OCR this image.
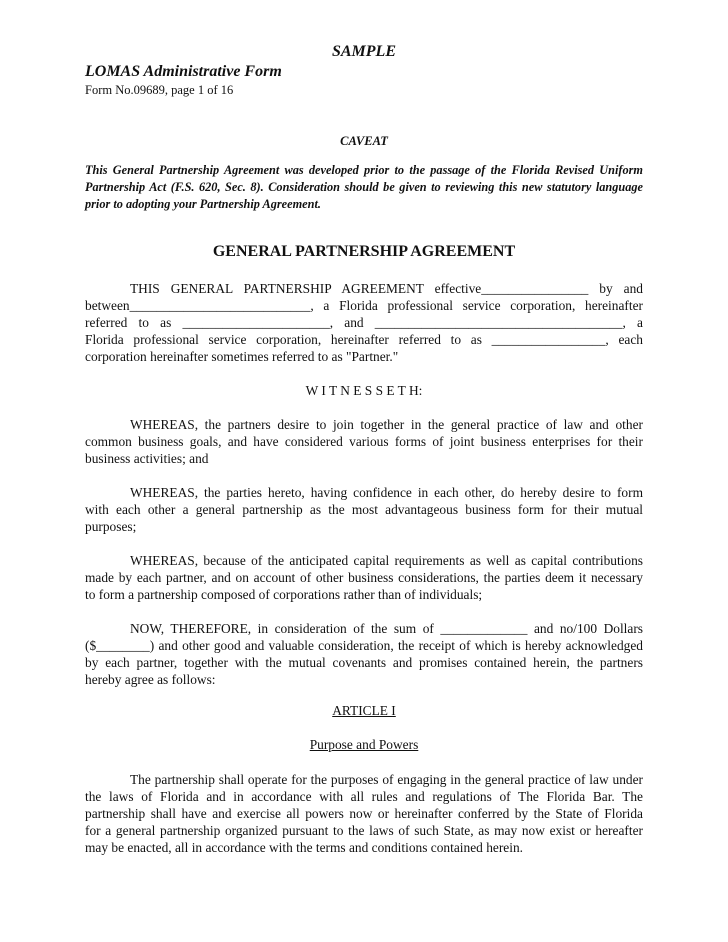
SAMPLE
LOMAS Administrative Form
Form No.09689, page 1 of 16
CAVEAT
This General Partnership Agreement was developed prior to the passage of the Florida Revised Uniform
Partnership Act (F.S. 620, Sec. 8). Consideration should be given to reviewing this new statutory language
prior to adopting your Partnership Agreement.
GENERAL PARTNERSHIP AGREEMENT
THIS GENERAL PARTNERSHIP AGREEMENT effective________________ by and
between___________________________, a Florida professional service corporation, hereinafter
referred to as ______________________, and _____________________________________, a
Florida professional service corporation, hereinafter referred to as _________________, each
corporation hereinafter sometimes referred to as "Partner."
W I T N E S S E T H:
WHEREAS, the partners desire to join together in the general practice of law and other
common business goals, and have considered various forms of joint business enterprises for their
business activities; and
WHEREAS, the parties hereto, having confidence in each other, do hereby desire to form
with each other a general partnership as the most advantageous business form for their mutual
purposes;
WHEREAS, because of the anticipated capital requirements as well as capital contributions
made by each partner, and on account of other business considerations, the parties deem it necessary
to form a partnership composed of corporations rather than of individuals;
NOW, THEREFORE, in consideration of the sum of _____________ and no/100 Dollars
($________) and other good and valuable consideration, the receipt of which is hereby acknowledged
by each partner, together with the mutual covenants and promises contained herein, the partners
hereby agree as follows:
ARTICLE I
Purpose and Powers
The partnership shall operate for the purposes of engaging in the general practice of law under
the laws of Florida and in accordance with all rules and regulations of The Florida Bar. The
partnership shall have and exercise all powers now or hereinafter conferred by the State of Florida
for a general partnership organized pursuant to the laws of such State, as may now exist or hereafter
may be enacted, all in accordance with the terms and conditions contained herein.
